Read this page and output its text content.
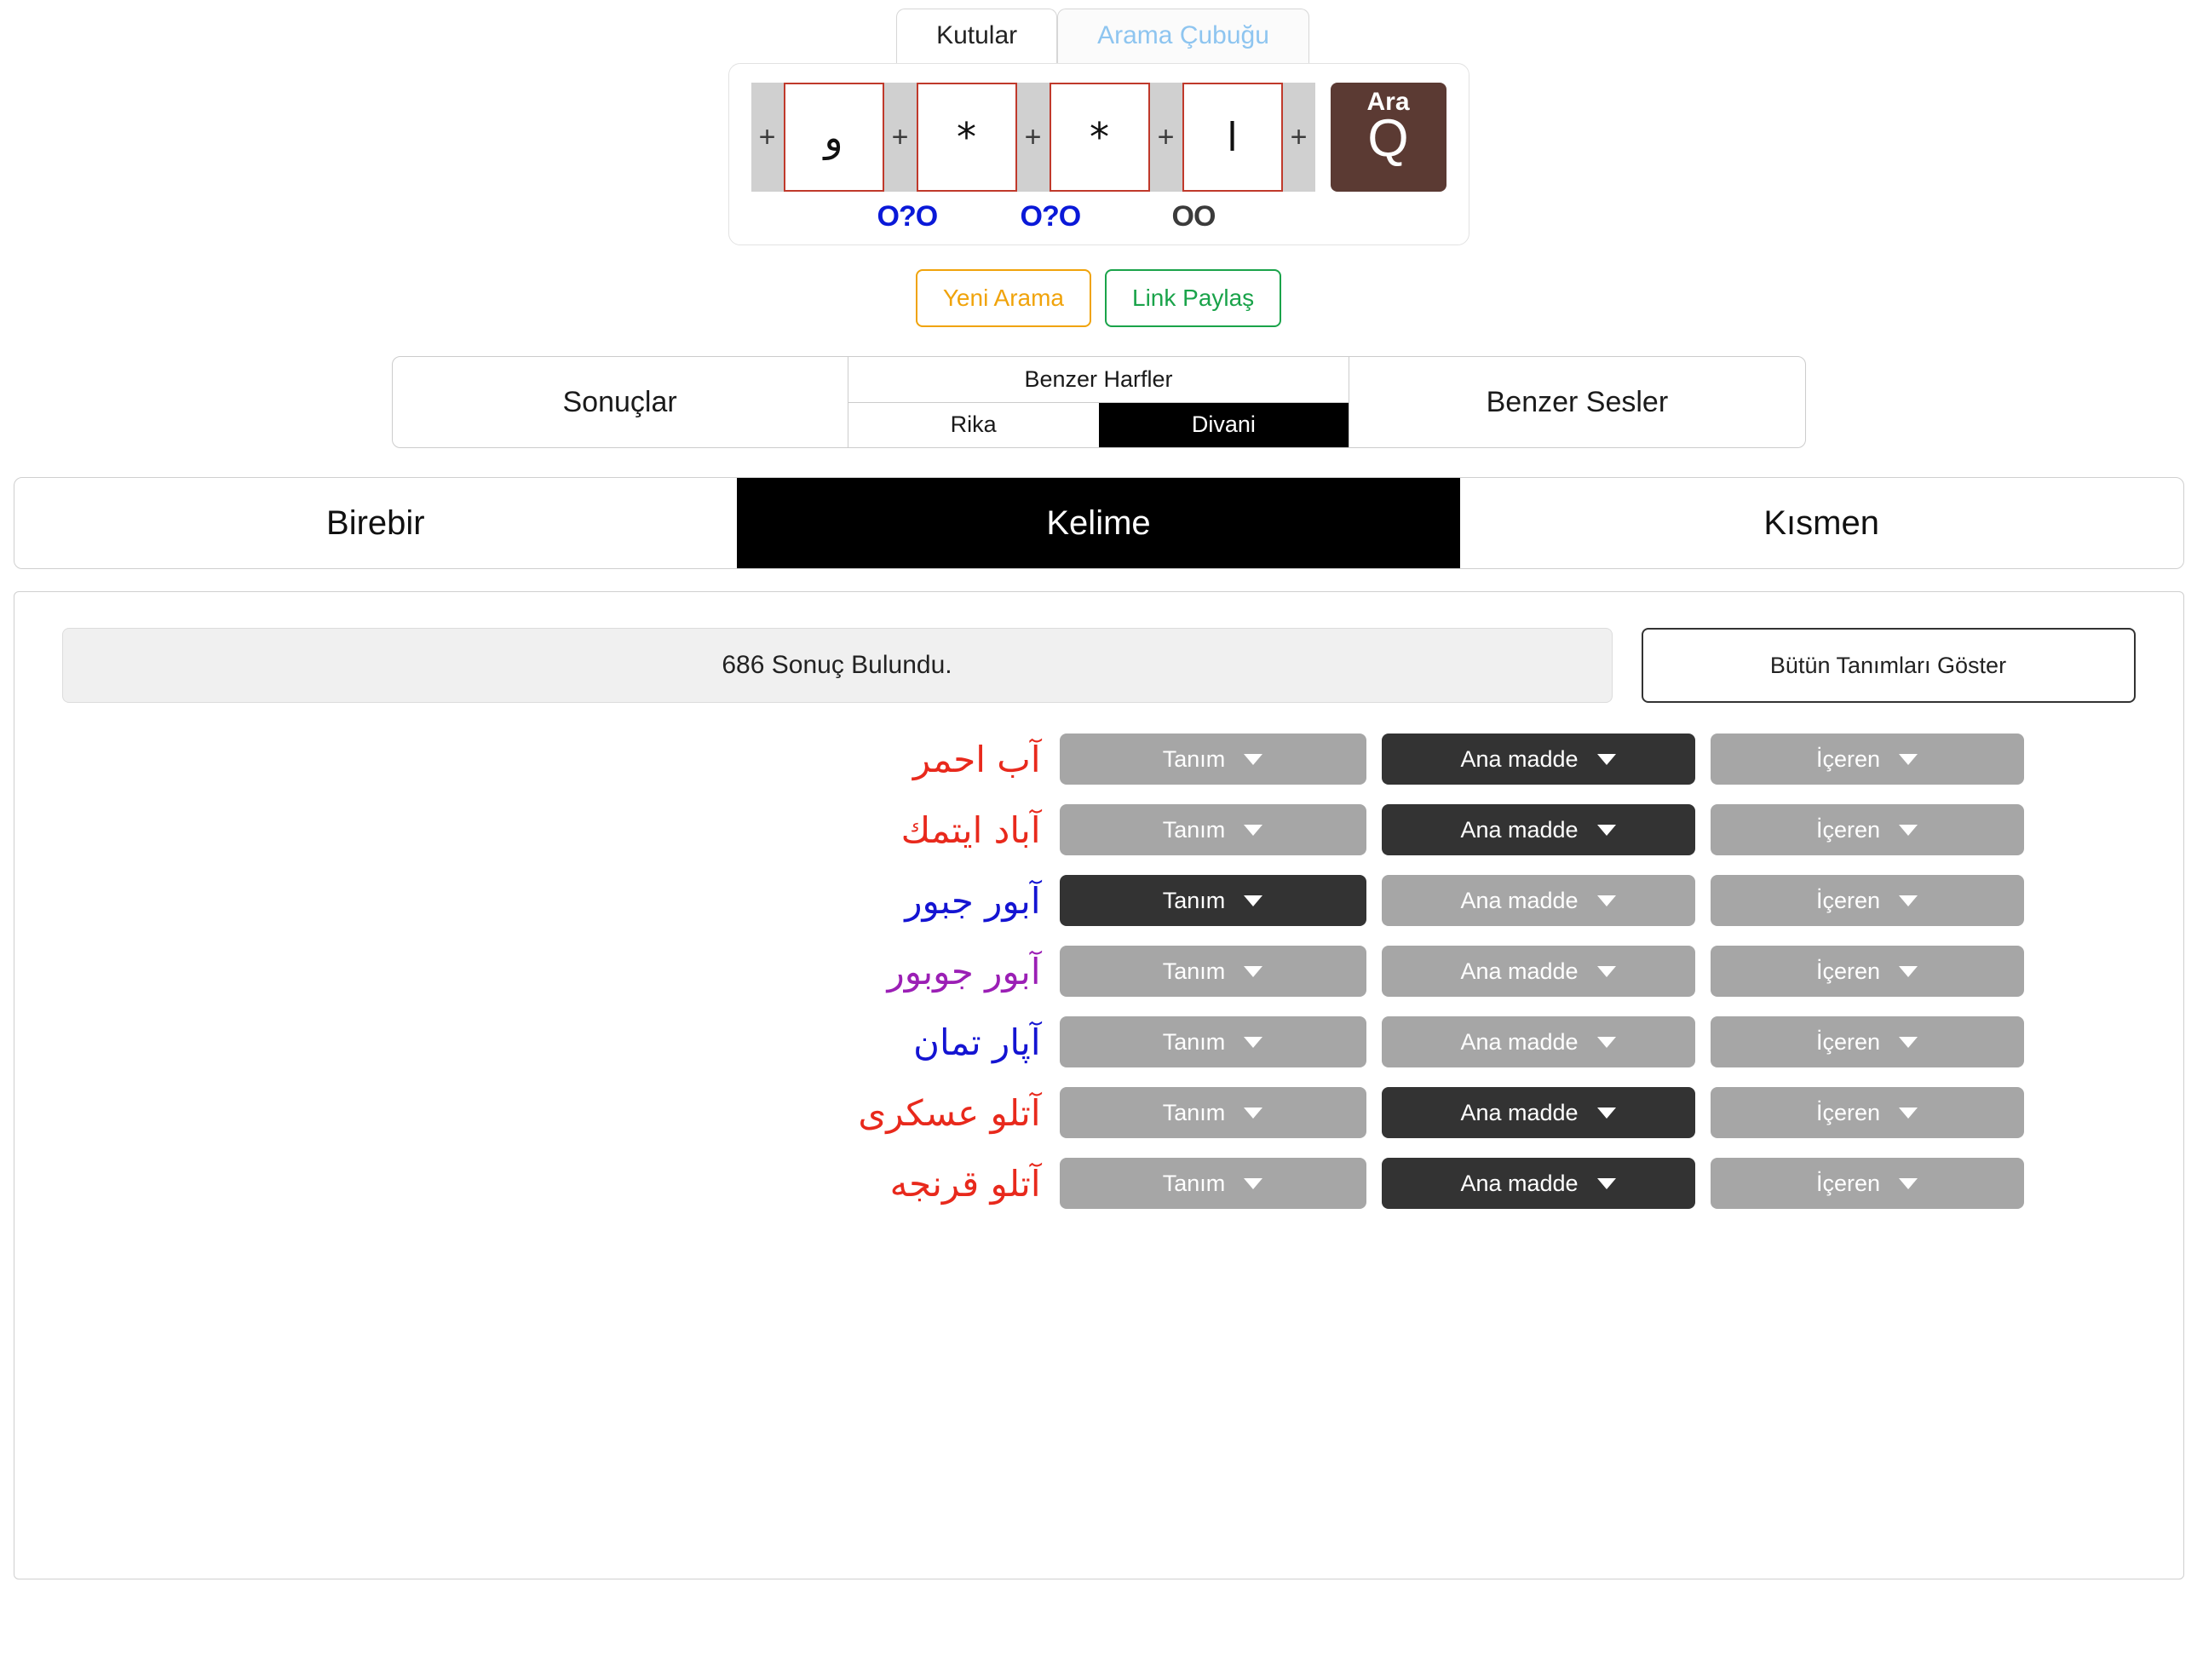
Kutular	Arama Çubuğu
+	و	+	*	+	*	+	ا	+
Ara
Q
O?O	O?O	OO
Yeni Arama	Link Paylaş
Sonuçlar
Benzer Harfler
Rika	Divani
Benzer Sesler
Birebir	Kelime	Kısmen
686 Sonuç Bulundu.	Bütün Tanımları Göster
آب احمر	Tanım	Ana madde	İçeren
آباد ايتمك	Tanım	Ana madde	İçeren
آبور جبور	Tanım	Ana madde	İçeren
آبور جوبور	Tanım	Ana madde	İçeren
آپار تمان	Tanım	Ana madde	İçeren
آتلو عسكرى	Tanım	Ana madde	İçeren
آتلو قرنجه	Tanım	Ana madde	İçeren
